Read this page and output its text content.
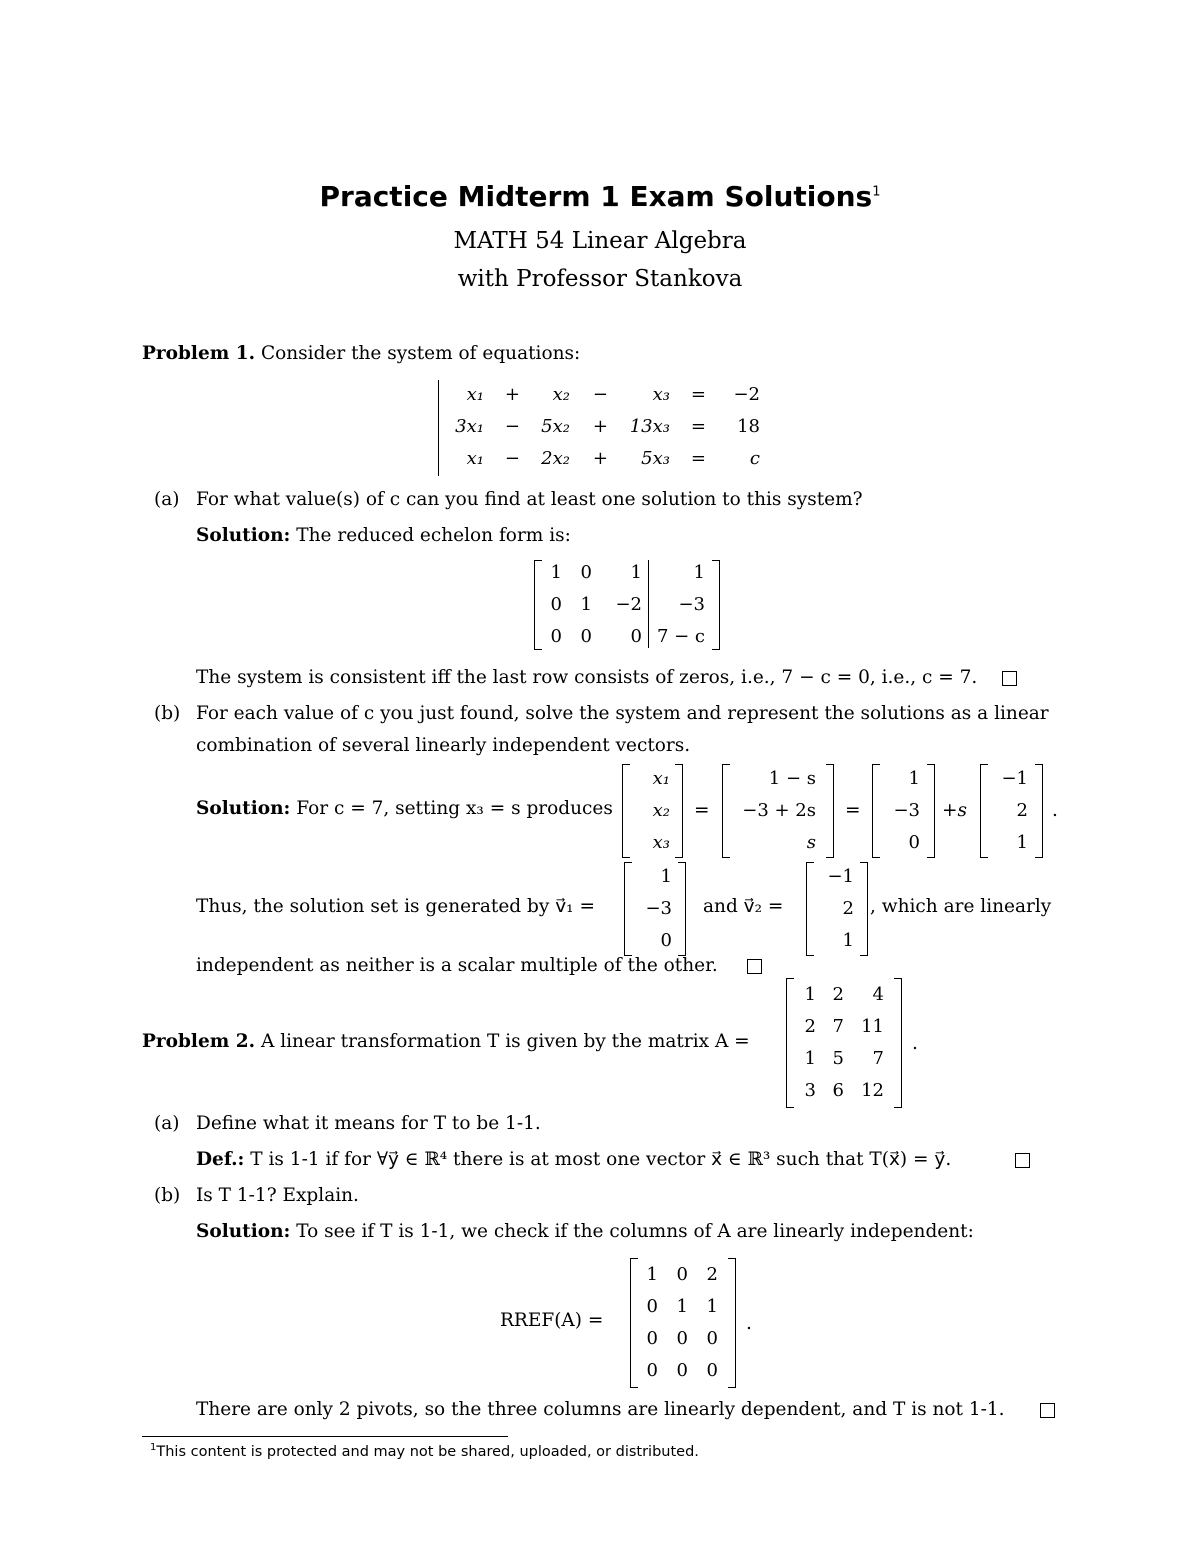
Practice Midterm 1 Exam Solutions$^1$
MATH 54 Linear Algebra
with Professor Stankova
Problem 1. Consider the system of equations:
x₁ +	x₂ −	x₃ =	−2
3x₁ −	5x₂ +	13x₃ =	18
x₁ −	2x₂ +	5x₃ =	c
(a) For what value(s) of c can you find at least one solution to this system?
Solution: The reduced echelon form is:
1	0	1	1
0	1	−2	−3
0	0	0 7 − c
The system is consistent iff the last row consists of zeros, i.e., 7 − c = 0, i.e., c = 7.
(b) For each value of c you just found, solve the system and represent the solutions as a linear
combination of several linearly independent vectors.
Solution: For c = 7, setting x₃ = s produces
x₁
x₂
x₃
=
1 − s
−3 + 2s
s
=
1
−3
0
+s
−1
2
1
.
Thus, the solution set is generated by v⃗₁ =
1
−3
0
and v⃗₂ =
−1
2
1
, which are linearly
independent as neither is a scalar multiple of the other.
Problem 2. A linear transformation T is given by the matrix A =
1 2	4
2 7 11
1 5	7
3 6 12
.
(a) Define what it means for T to be 1-1.
Def.: T is 1-1 if for ∀y⃗ ∈ ℝ⁴ there is at most one vector x⃗ ∈ ℝ³ such that T(x⃗) = y⃗.
(b) Is T 1-1? Explain.
Solution: To see if T is 1-1, we check if the columns of A are linearly independent:
RREF(A) =
1	0	2
0	1	1
0	0	0
0	0	0
.
There are only 2 pivots, so the three columns are linearly dependent, and T is not 1-1.
$^1$This content is protected and may not be shared, uploaded, or distributed.
